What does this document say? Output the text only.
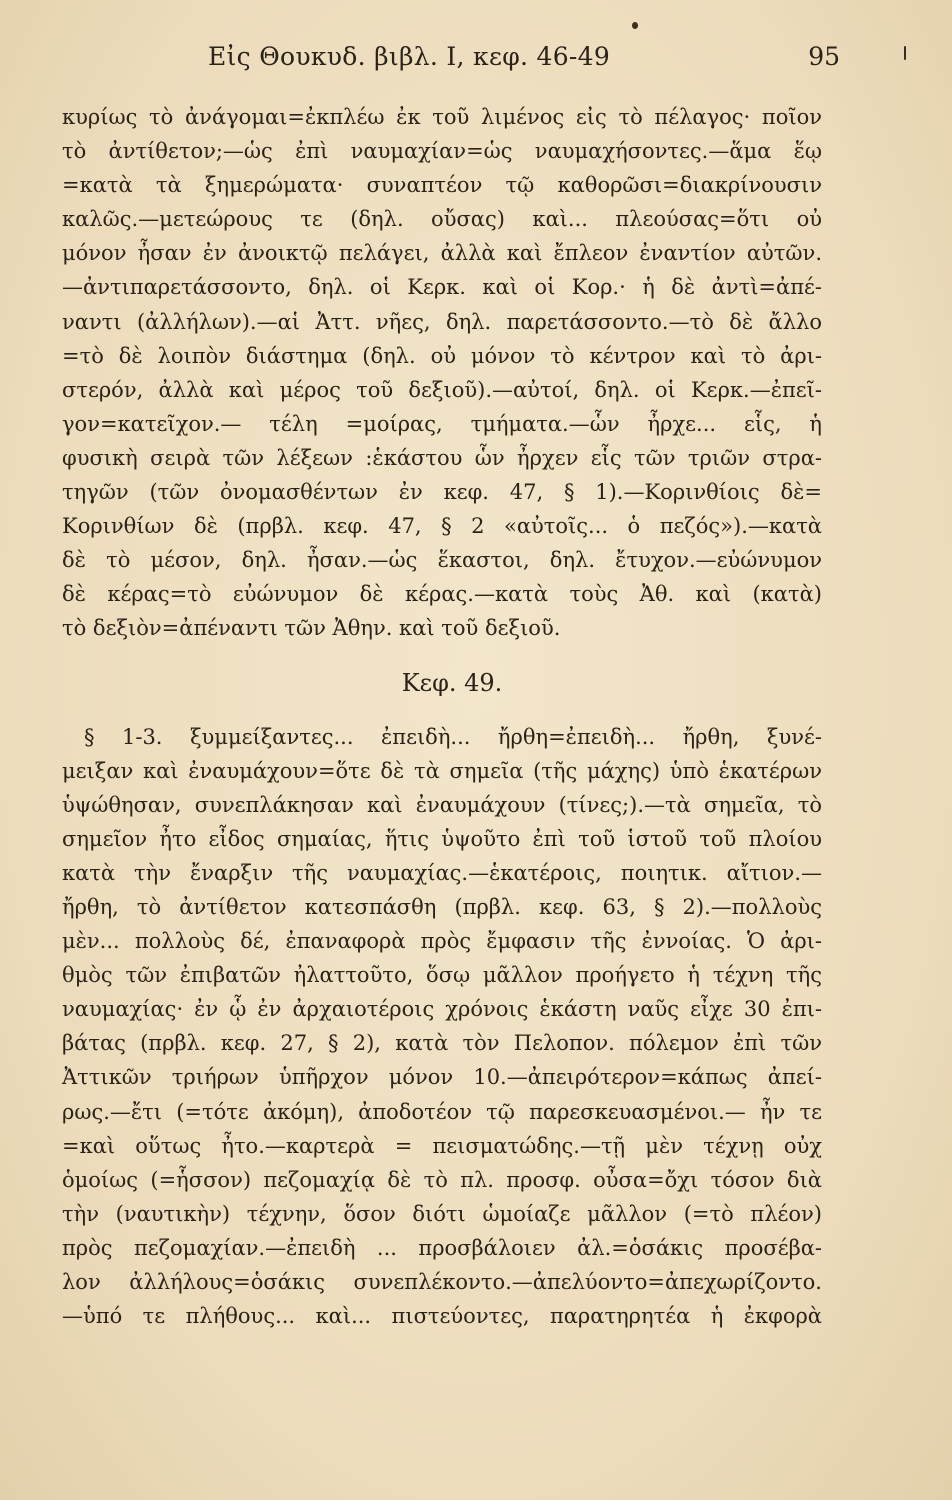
Εἰς Θουκυδ. βιβλ. I, κεφ. 46-49	95
κυρίως τὸ ἀνάγομαι=ἐκπλέω ἐκ τοῦ λιμένος εἰς τὸ πέλαγος· ποῖον
τὸ ἀντίθετον;—ὡς ἐπὶ ναυμαχίαν=ὡς ναυμαχήσοντες.—ἅμα ἕῳ
=κατὰ τὰ ξημερώματα· συναπτέον τῷ καθορῶσι=διακρίνουσιν
καλῶς.—μετεώρους τε (δηλ. οὔσας) καὶ... πλεούσας=ὅτι οὐ
μόνον ἦσαν ἐν ἀνοικτῷ πελάγει, ἀλλὰ καὶ ἔπλεον ἐναντίον αὐτῶν.
—ἀντιπαρετάσσοντο, δηλ. οἱ Κερκ. καὶ οἱ Κορ.· ἡ δὲ ἀντὶ=ἀπέ-
ναντι (ἀλλήλων).—αἱ Ἀττ. νῆες, δηλ. παρετάσσοντο.—τὸ δὲ ἄλλο
=τὸ δὲ λοιπὸν διάστημα (δηλ. οὐ μόνον τὸ κέντρον καὶ τὸ ἀρι-
στερόν, ἀλλὰ καὶ μέρος τοῦ δεξιοῦ).—αὐτοί, δηλ. οἱ Κερκ.—ἐπεῖ-
γον=κατεῖχον.— τέλη =μοίρας, τμήματα.—ὧν ἦρχε... εἷς, ἡ
φυσικὴ σειρὰ τῶν λέξεων :ἑκάστου ὧν ἦρχεν εἷς τῶν τριῶν στρα-
τηγῶν (τῶν ὀνομασθέντων ἐν κεφ. 47, § 1).—Κορινθίοις δὲ=
Κορινθίων δὲ (πρβλ. κεφ. 47, § 2 «αὐτοῖς... ὁ πεζός»).—κατὰ
δὲ τὸ μέσον, δηλ. ἦσαν.—ὡς ἕκαστοι, δηλ. ἔτυχον.—εὐώνυμον
δὲ κέρας=τὸ εὐώνυμον δὲ κέρας.—κατὰ τοὺς Ἀθ. καὶ (κατὰ)
τὸ δεξιὸν=ἀπέναντι τῶν Ἀθην. καὶ τοῦ δεξιοῦ.
Κεφ. 49.
§ 1-3. ξυμμείξαντες... ἐπειδὴ... ἤρθη=ἐπειδὴ... ἤρθη, ξυνέ-
μειξαν καὶ ἐναυμάχουν=ὅτε δὲ τὰ σημεῖα (τῆς μάχης) ὑπὸ ἑκατέρων
ὑψώθησαν, συνεπλάκησαν καὶ ἐναυμάχουν (τίνες;).—τὰ σημεῖα, τὸ
σημεῖον ἦτο εἶδος σημαίας, ἥτις ὑψοῦτο ἐπὶ τοῦ ἱστοῦ τοῦ πλοίου
κατὰ τὴν ἔναρξιν τῆς ναυμαχίας.—ἑκατέροις, ποιητικ. αἴτιον.—
ἤρθη, τὸ ἀντίθετον κατεσπάσθη (πρβλ. κεφ. 63, § 2).—πολλοὺς
μὲν... πολλοὺς δέ, ἐπαναφορὰ πρὸς ἔμφασιν τῆς ἐννοίας. Ὁ ἀρι-
θμὸς τῶν ἐπιβατῶν ἠλαττοῦτο, ὅσῳ μᾶλλον προήγετο ἡ τέχνη τῆς
ναυμαχίας· ἐν ᾧ ἐν ἀρχαιοτέροις χρόνοις ἑκάστη ναῦς εἶχε 30 ἐπι-
βάτας (πρβλ. κεφ. 27, § 2), κατὰ τὸν Πελοπον. πόλεμον ἐπὶ τῶν
Ἀττικῶν τριήρων ὑπῆρχον μόνον 10.—ἀπειρότερον=κάπως ἀπεί-
ρως.—ἔτι (=τότε ἀκόμη), ἀποδοτέον τῷ παρεσκευασμένοι.— ἦν τε
=καὶ οὕτως ἦτο.—καρτερὰ = πεισματώδης.—τῇ μὲν τέχνῃ οὐχ
ὁμοίως (=ἧσσον) πεζομαχίᾳ δὲ τὸ πλ. προσφ. οὖσα=ὄχι τόσον διὰ
τὴν (ναυτικὴν) τέχνην, ὅσον διότι ὡμοίαζε μᾶλλον (=τὸ πλέον)
πρὸς πεζομαχίαν.—ἐπειδὴ ... προσβάλοιεν ἀλ.=ὁσάκις προσέβα-
λον ἀλλήλους=ὁσάκις συνεπλέκοντο.—ἀπελύοντο=ἀπεχωρίζοντο.
—ὑπό τε πλήθους... καὶ... πιστεύοντες, παρατηρητέα ἡ ἐκφορὰ
